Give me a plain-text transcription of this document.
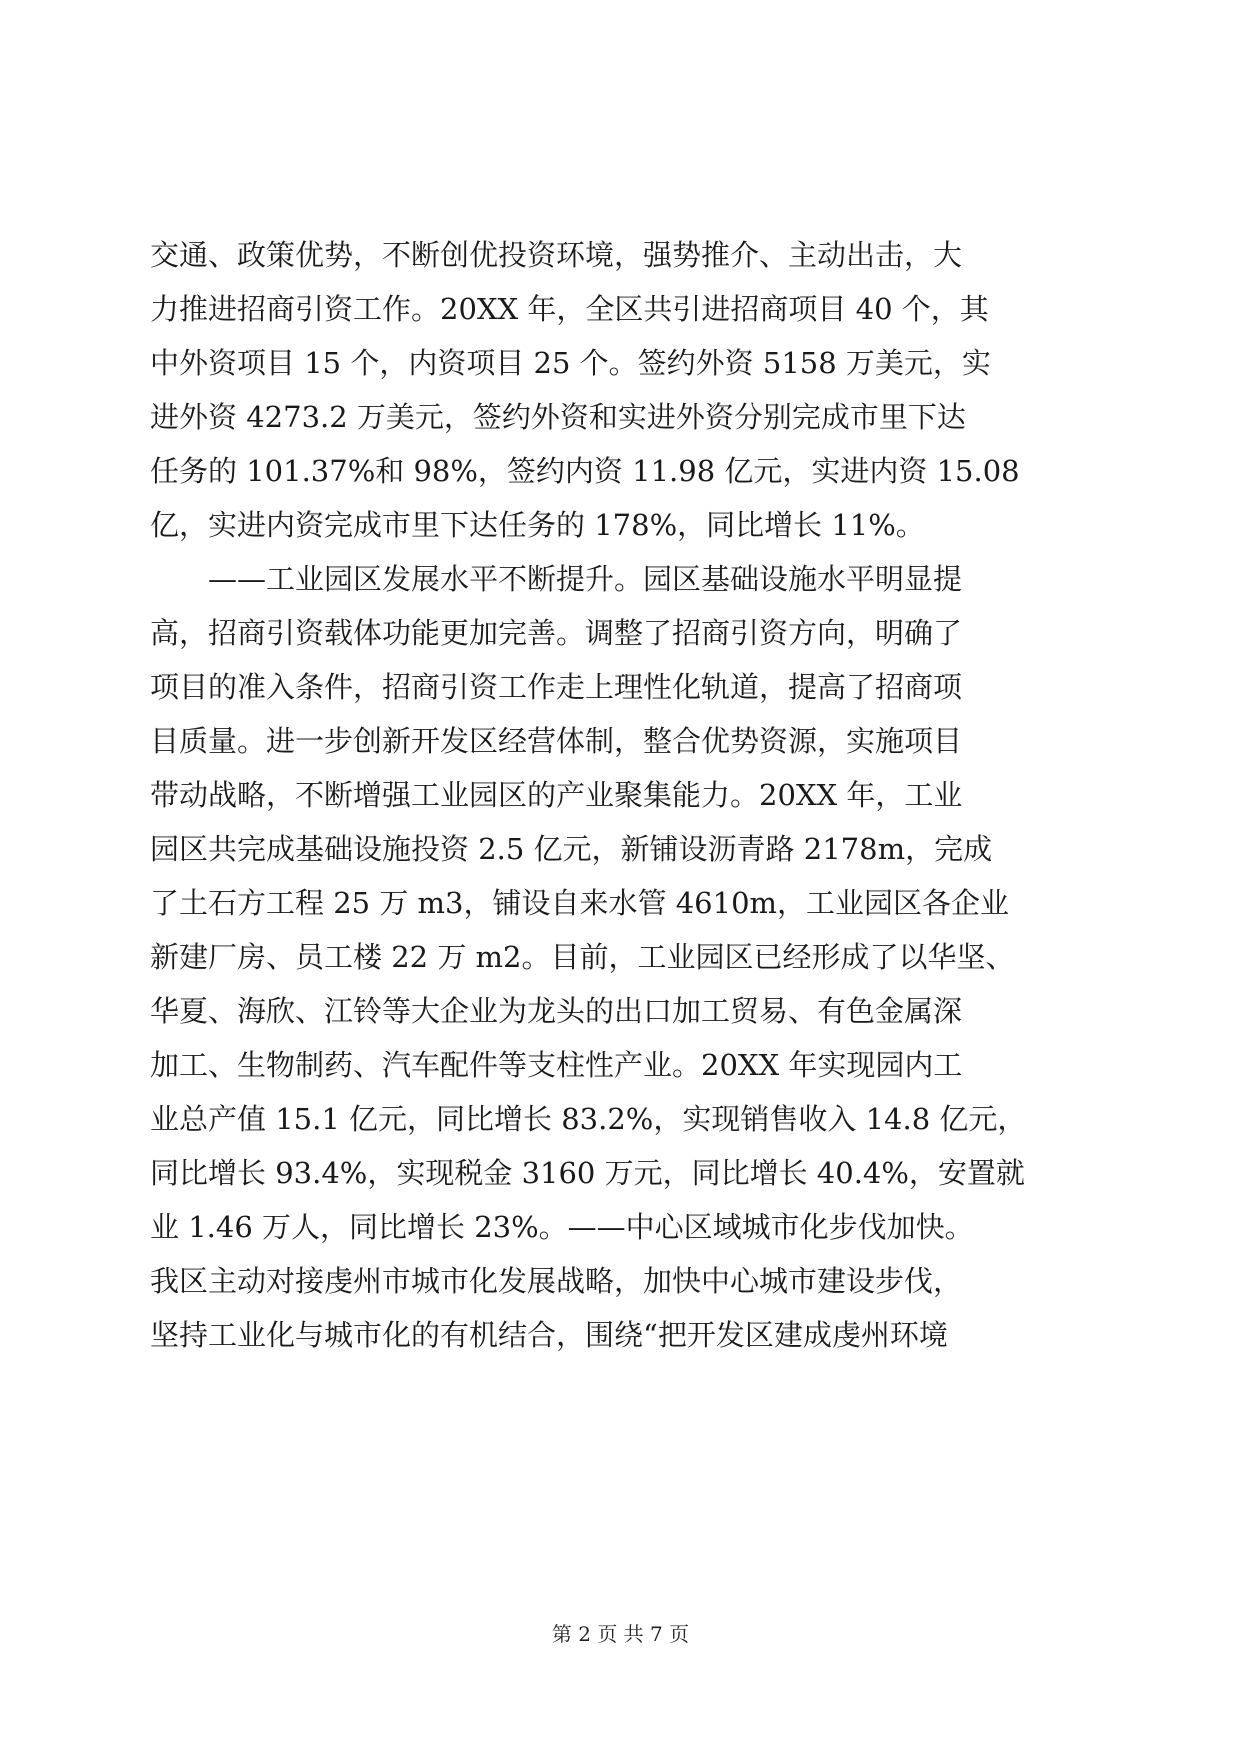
交通、政策优势，不断创优投资环境，强势推介、主动出击，大
力推进招商引资工作。20XX 年，全区共引进招商项目 40 个，其
中外资项目 15 个，内资项目 25 个。签约外资 5158 万美元，实
进外资 4273.2 万美元，签约外资和实进外资分别完成市里下达
任务的 101.37%和 98%，签约内资 11.98 亿元，实进内资 15.08
亿，实进内资完成市里下达任务的 178%，同比增长 11%。
　　——工业园区发展水平不断提升。园区基础设施水平明显提
高，招商引资载体功能更加完善。调整了招商引资方向，明确了
项目的准入条件，招商引资工作走上理性化轨道，提高了招商项
目质量。进一步创新开发区经营体制，整合优势资源，实施项目
带动战略，不断增强工业园区的产业聚集能力。20XX 年，工业
园区共完成基础设施投资 2.5 亿元，新铺设沥青路 2178m，完成
了土石方工程 25 万 m3，铺设自来水管 4610m，工业园区各企业
新建厂房、员工楼 22 万 m2。目前，工业园区已经形成了以华坚、
华夏、海欣、江铃等大企业为龙头的出口加工贸易、有色金属深
加工、生物制药、汽车配件等支柱性产业。20XX 年实现园内工
业总产值 15.1 亿元，同比增长 83.2%，实现销售收入 14.8 亿元，
同比增长 93.4%，实现税金 3160 万元，同比增长 40.4%，安置就
业 1.46 万人，同比增长 23%。——中心区域城市化步伐加快。
我区主动对接虔州市城市化发展战略，加快中心城市建设步伐，
坚持工业化与城市化的有机结合，围绕“把开发区建成虔州环境
第 2 页 共 7 页
